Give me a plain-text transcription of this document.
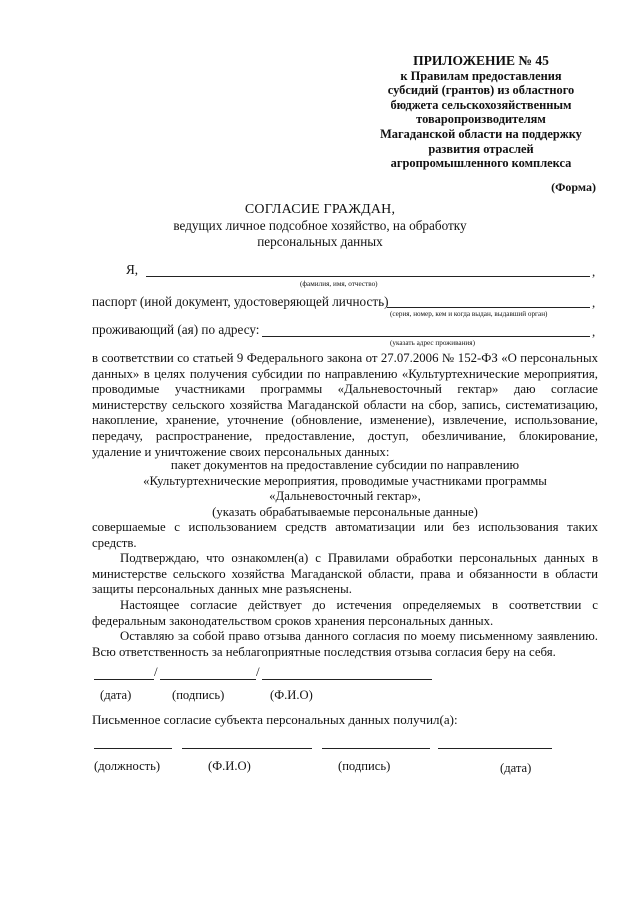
ПРИЛОЖЕНИЕ № 45
к Правилам предоставления
субсидий (грантов) из областного
бюджета сельскохозяйственным
товаропроизводителям
Магаданской области на поддержку
развития отраслей
агропромышленного комплекса
(Форма)
СОГЛАСИЕ ГРАЖДАН,
ведущих личное подсобное хозяйство, на обработку
персональных данных
Я,	,
(фамилия, имя, отчество)
паспорт (иной документ, удостоверяющей личность)	,
(серия, номер, кем и когда выдан, выдавший орган)
проживающий (ая) по адресу:	,
(указать адрес проживания)
в соответствии со статьей 9 Федерального закона от 27.07.2006 № 152-ФЗ «О персональных данных» в целях получения субсидии по направлению «Культуртехнические мероприятия, проводимые участниками программы «Дальневосточный гектар» даю согласие министерству сельского хозяйства Магаданской области на сбор, запись, систематизацию, накопление, хранение, уточнение (обновление, изменение), извлечение, использование, передачу, распространение, предоставление, доступ, обезличивание, блокирование, удаление и уничтожение своих персональных данных:
пакет документов на предоставление субсидии по направлению
«Культуртехнические мероприятия, проводимые участниками программы
«Дальневосточный гектар»,
(указать обрабатываемые персональные данные)
совершаемые с использованием средств автоматизации или без использования таких средств.
Подтверждаю, что ознакомлен(а) с Правилами обработки персональных данных в министерстве сельского хозяйства Магаданской области, права и обязанности в области защиты персональных данных мне разъяснены.
Настоящее согласие действует до истечения определяемых в соответствии с федеральным законодательством сроков хранения персональных данных.
Оставляю за собой право отзыва данного согласия по моему письменному заявлению. Всю ответственность за неблагоприятные последствия отзыва согласия беру на себя.
/	/
(дата)	(подпись)	(Ф.И.О)
Письменное согласие субъекта персональных данных получил(а):
(должность)	(Ф.И.О)	(подпись)	(дата)
